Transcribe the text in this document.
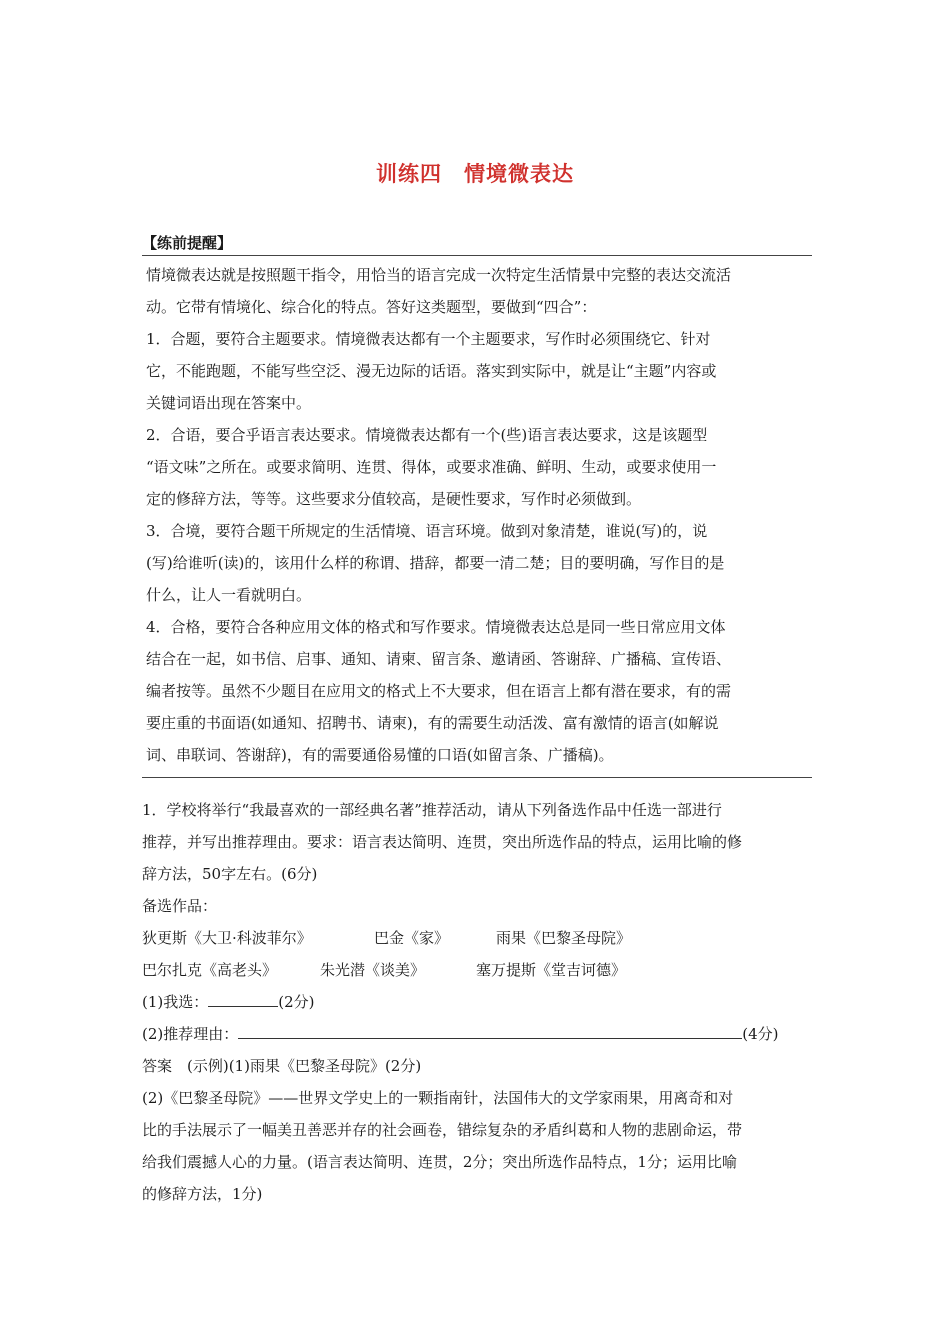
训练四　情境微表达
【练前提醒】

情境微表达就是按照题干指令，用恰当的语言完成一次特定生活情景中完整的表达交流活

动。它带有情境化、综合化的特点。答好这类题型，要做到“四合”：

1．合题，要符合主题要求。情境微表达都有一个主题要求，写作时必须围绕它、针对

它，不能跑题，不能写些空泛、漫无边际的话语。落实到实际中，就是让“主题”内容或

关键词语出现在答案中。

2．合语，要合乎语言表达要求。情境微表达都有一个(些)语言表达要求，这是该题型

“语文味”之所在。或要求简明、连贯、得体，或要求准确、鲜明、生动，或要求使用一

定的修辞方法，等等。这些要求分值较高，是硬性要求，写作时必须做到。

3．合境，要符合题干所规定的生活情境、语言环境。做到对象清楚，谁说(写)的，说

(写)给谁听(读)的，该用什么样的称谓、措辞，都要一清二楚；目的要明确，写作目的是

什么，让人一看就明白。

4．合格，要符合各种应用文体的格式和写作要求。情境微表达总是同一些日常应用文体

结合在一起，如书信、启事、通知、请柬、留言条、邀请函、答谢辞、广播稿、宣传语、

编者按等。虽然不少题目在应用文的格式上不大要求，但在语言上都有潜在要求，有的需

要庄重的书面语(如通知、招聘书、请柬)，有的需要生动活泼、富有激情的语言(如解说

词、串联词、答谢辞)，有的需要通俗易懂的口语(如留言条、广播稿)。

1．学校将举行“我最喜欢的一部经典名著”推荐活动，请从下列备选作品中任选一部进行

推荐，并写出推荐理由。要求：语言表达简明、连贯，突出所选作品的特点，运用比喻的修

辞方法，50字左右。(6分)

备选作品：

狄更斯《大卫·科波菲尔》	巴金《家》	雨果《巴黎圣母院》

巴尔扎克《高老头》	朱光潜《谈美》	塞万提斯《堂吉诃德》

(1)我选：	(2分)

(2)推荐理由：	(4分)

答案　(示例)(1)雨果《巴黎圣母院》(2分)

(2)《巴黎圣母院》——世界文学史上的一颗指南针，法国伟大的文学家雨果，用离奇和对

比的手法展示了一幅美丑善恶并存的社会画卷，错综复杂的矛盾纠葛和人物的悲剧命运，带

给我们震撼人心的力量。(语言表达简明、连贯，2分；突出所选作品特点，1分；运用比喻

的修辞方法，1分)
